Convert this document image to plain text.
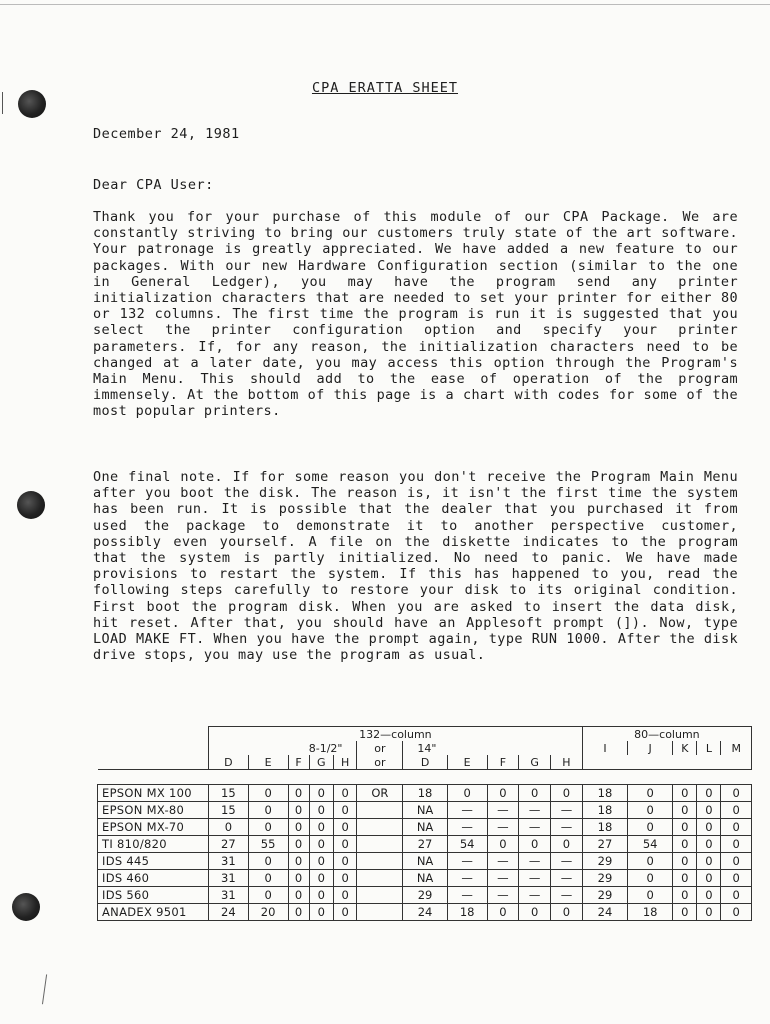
CPA ERATTA SHEET
December 24, 1981
Dear CPA User:

Thank you for your purchase of this module of our CPA Package. We are constantly striving to bring our customers truly state of the art software. Your patronage is greatly appreciated. We have added a new feature to our packages. With our new Hardware Configuration section (similar to the one in General Ledger), you may have the program send any printer initialization characters that are needed to set your printer for either 80 or 132 columns. The first time the program is run it is suggested that you select the printer configuration option and specify your printer parameters. If, for any reason, the initialization characters need to be changed at a later date, you may access this option through the Program's Main Menu. This should add to the ease of operation of the program immensely. At the bottom of this page is a chart with codes for some of the most popular printers.

One final note. If for some reason you don't receive the Program Main Menu after you boot the disk. The reason is, it isn't the first time the system has been run. It is possible that the dealer that you purchased it from used the package to demonstrate it to another perspective customer, possibly even yourself. A file on the diskette indicates to the program that the system is partly initialized. No need to panic. We have made provisions to restart the system. If this has happened to you, read the following steps carefully to restore your disk to its original condition. First boot the program disk. When you are asked to insert the data disk, hit reset. After that, you should have an Applesoft prompt (]). Now, type LOAD MAKE FT. When you have the prompt again, type RUN 1000. After the disk drive stops, you may use the program as usual.

	132—column											80—column				
	8-1/2"					or	14"					I	J	K	L	M
	D	E	F	G	H	or	D	E	F	G	H					

EPSON MX 100	15	0	0	0	0	OR	18	0	0	0	0	18	0	0	0	0
EPSON MX-80	15	0	0	0	0		NA	—	—	—	—	18	0	0	0	0
EPSON MX-70	0	0	0	0	0		NA	—	—	—	—	18	0	0	0	0
TI 810/820	27	55	0	0	0		27	54	0	0	0	27	54	0	0	0
IDS 445	31	0	0	0	0		NA	—	—	—	—	29	0	0	0	0
IDS 460	31	0	0	0	0		NA	—	—	—	—	29	0	0	0	0
IDS 560	31	0	0	0	0		29	—	—	—	—	29	0	0	0	0
ANADEX 9501	24	20	0	0	0		24	18	0	0	0	24	18	0	0	0
